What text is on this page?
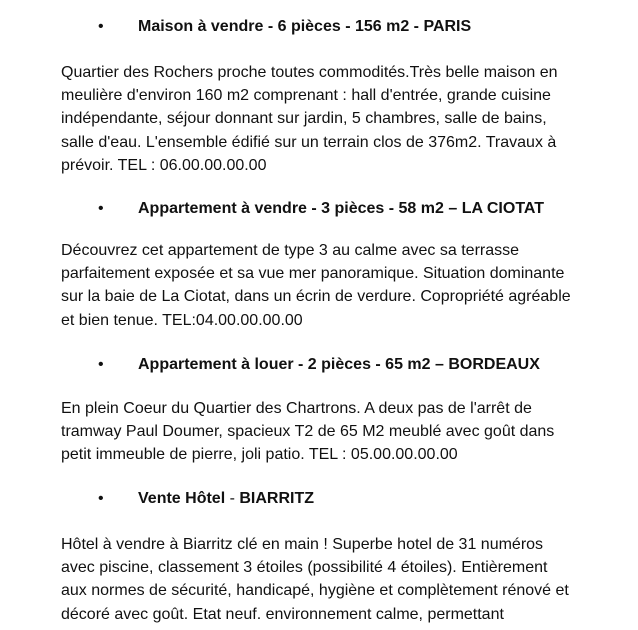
• Maison à vendre - 6 pièces - 156 m2 - PARIS

Quartier des Rochers proche toutes commodités.Très belle maison en
meulière d'environ 160 m2 comprenant : hall d'entrée, grande cuisine
indépendante, séjour donnant sur jardin, 5 chambres, salle de bains,
salle d'eau. L'ensemble édifié sur un terrain clos de 376m2. Travaux à
prévoir. TEL : 06.00.00.00.00

• Appartement à vendre - 3 pièces - 58 m2 – LA CIOTAT

Découvrez cet appartement de type 3 au calme avec sa terrasse
parfaitement exposée et sa vue mer panoramique. Situation dominante
sur la baie de La Ciotat, dans un écrin de verdure. Copropriété agréable
et bien tenue. TEL:04.00.00.00.00

• Appartement à louer - 2 pièces - 65 m2 – BORDEAUX

En plein Coeur du Quartier des Chartrons. A deux pas de l'arrêt de
tramway Paul Doumer, spacieux T2 de 65 M2 meublé avec goût dans
petit immeuble de pierre, joli patio. TEL : 05.00.00.00.00

• Vente Hôtel - BIARRITZ

Hôtel à vendre à Biarritz clé en main ! Superbe hotel de 31 numéros
avec piscine, classement 3 étoiles (possibilité 4 étoiles). Entièrement
aux normes de sécurité, handicapé, hygiène et complètement rénové et
décoré avec goût. Etat neuf. environnement calme, permettant
